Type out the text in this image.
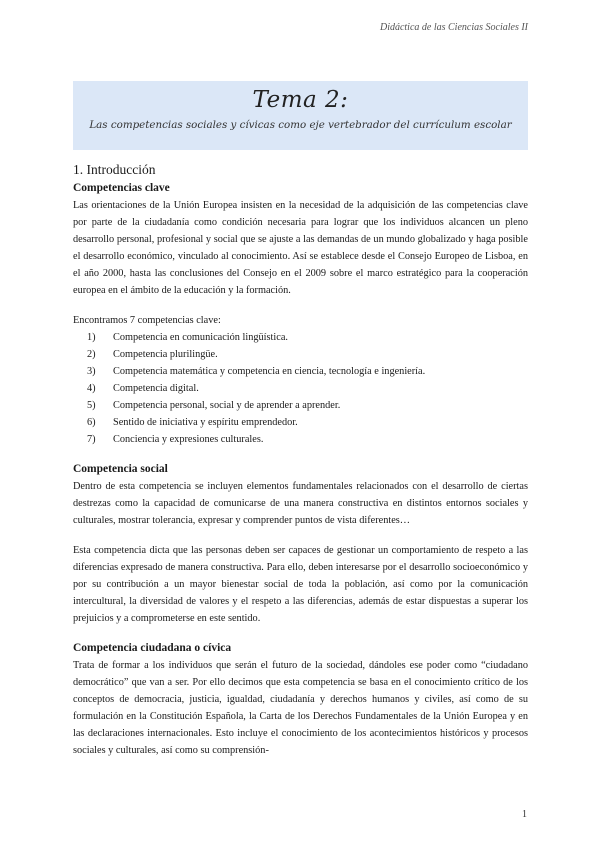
Didáctica de las Ciencias Sociales II
Tema 2:
Las competencias sociales y cívicas como eje vertebrador del currículum escolar
1. Introducción
Competencias clave

Las orientaciones de la Unión Europea insisten en la necesidad de la adquisición de las competencias clave por parte de la ciudadanía como condición necesaria para lograr que los individuos alcancen un pleno desarrollo personal, profesional y social que se ajuste a las demandas de un mundo globalizado y haga posible el desarrollo económico, vinculado al conocimiento. Así se establece desde el Consejo Europeo de Lisboa, en el año 2000, hasta las conclusiones del Consejo en el 2009 sobre el marco estratégico para la cooperación europea en el ámbito de la educación y la formación.

Encontramos 7 competencias clave:

1) Competencia en comunicación lingüística.
2) Competencia plurilingüe.
3) Competencia matemática y competencia en ciencia, tecnología e ingeniería.
4) Competencia digital.
5) Competencia personal, social y de aprender a aprender.
6) Sentido de iniciativa y espíritu emprendedor.
7) Conciencia y expresiones culturales.
Competencia social

Dentro de esta competencia se incluyen elementos fundamentales relacionados con el desarrollo de ciertas destrezas como la capacidad de comunicarse de una manera constructiva en distintos entornos sociales y culturales, mostrar tolerancia, expresar y comprender puntos de vista diferentes…

Esta competencia dicta que las personas deben ser capaces de gestionar un comportamiento de respeto a las diferencias expresado de manera constructiva. Para ello, deben interesarse por el desarrollo socioeconómico y por su contribución a un mayor bienestar social de toda la población, así como por la comunicación intercultural, la diversidad de valores y el respeto a las diferencias, además de estar dispuestas a superar los prejuicios y a comprometerse en este sentido.

Competencia ciudadana o cívica

Trata de formar a los individuos que serán el futuro de la sociedad, dándoles ese poder como “ciudadano democrático” que van a ser. Por ello decimos que esta competencia se basa en el conocimiento crítico de los conceptos de democracia, justicia, igualdad, ciudadanía y derechos humanos y civiles, así como de su formulación en la Constitución Española, la Carta de los Derechos Fundamentales de la Unión Europea y en las declaraciones internacionales. Esto incluye el conocimiento de los acontecimientos históricos y procesos sociales y culturales, así como su comprensión-

1
